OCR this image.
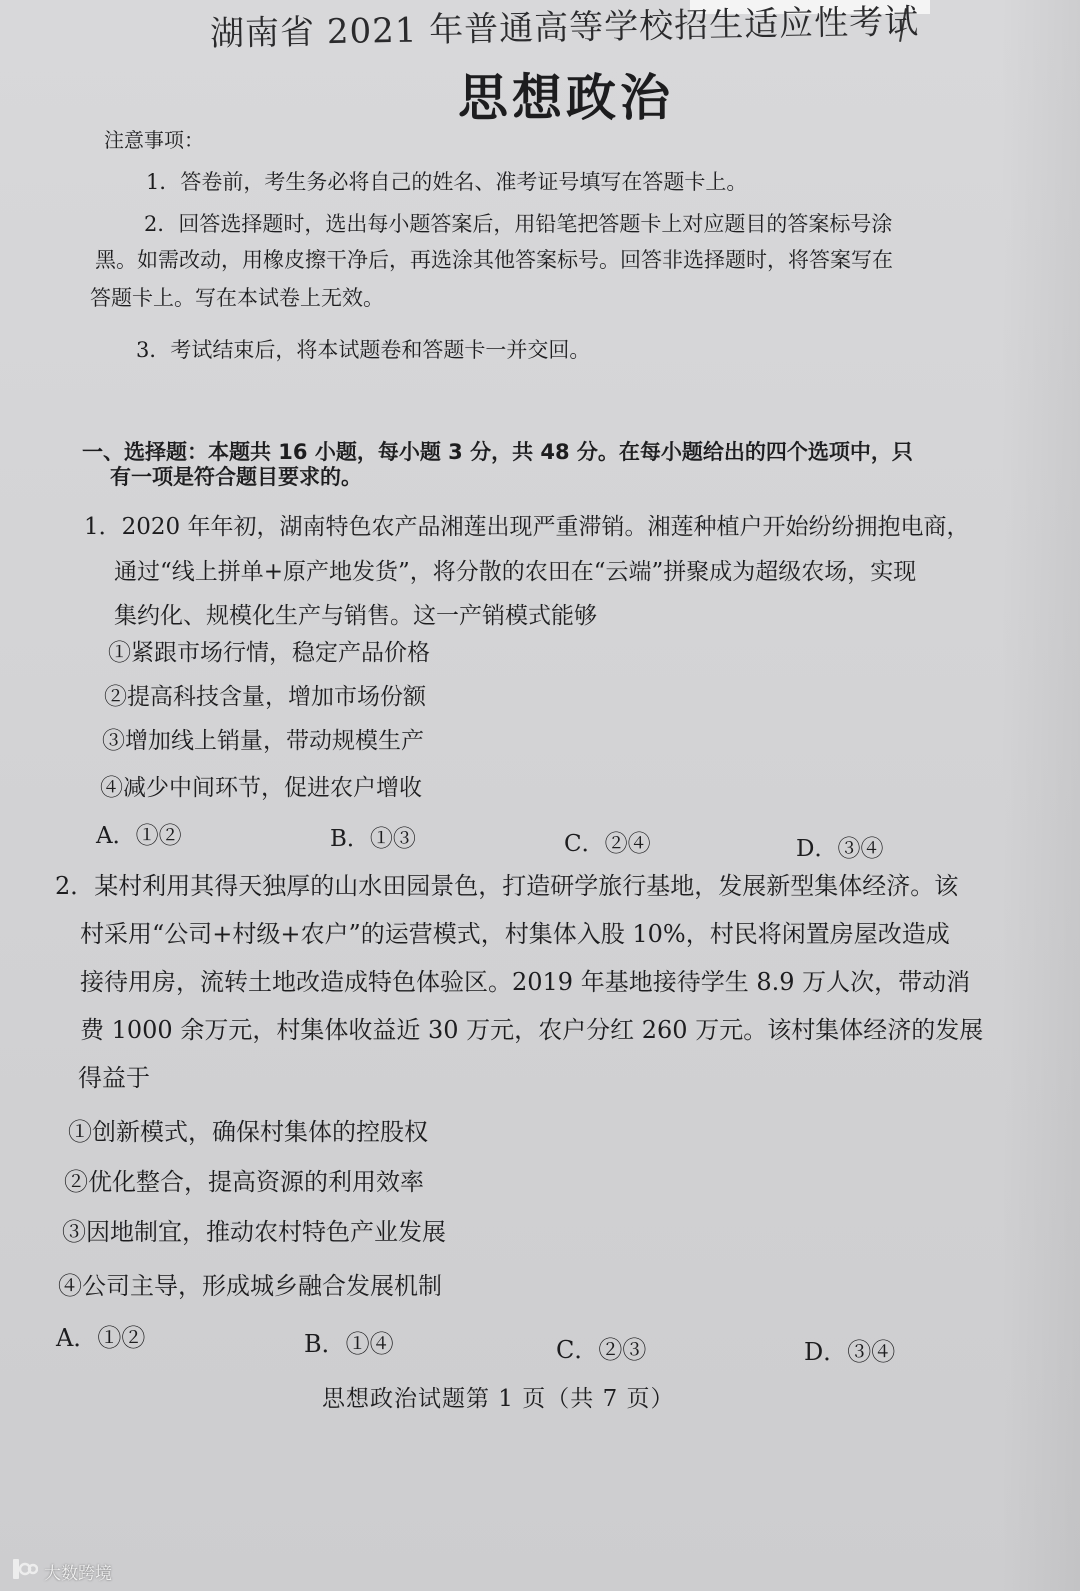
湖南省 2021 年普通高等学校招生适应性考试
思想政治
注意事项：
1．答卷前，考生务必将自己的姓名、准考证号填写在答题卡上。
2．回答选择题时，选出每小题答案后，用铅笔把答题卡上对应题目的答案标号涂
黑。如需改动，用橡皮擦干净后，再选涂其他答案标号。回答非选择题时，将答案写在
答题卡上。写在本试卷上无效。
3．考试结束后，将本试题卷和答题卡一并交回。
一、选择题：本题共 16 小题，每小题 3 分，共 48 分。在每小题给出的四个选项中，只
有一项是符合题目要求的。
1．2020 年年初，湖南特色农产品湘莲出现严重滞销。湘莲种植户开始纷纷拥抱电商，
通过“线上拼单+原产地发货”，将分散的农田在“云端”拼聚成为超级农场，实现
集约化、规模化生产与销售。这一产销模式能够
①紧跟市场行情，稳定产品价格
②提高科技含量，增加市场份额
③增加线上销量，带动规模生产
④减少中间环节，促进农户增收
A．①②	B．①③	C．②④	D．③④
2．某村利用其得天独厚的山水田园景色，打造研学旅行基地，发展新型集体经济。该
村采用“公司+村级+农户”的运营模式，村集体入股 10%，村民将闲置房屋改造成
接待用房，流转土地改造成特色体验区。2019 年基地接待学生 8.9 万人次，带动消
费 1000 余万元，村集体收益近 30 万元，农户分红 260 万元。该村集体经济的发展
得益于
①创新模式，确保村集体的控股权
②优化整合，提高资源的利用效率
③因地制宜，推动农村特色产业发展
④公司主导，形成城乡融合发展机制
A．①②	B．①④	C．②③	D．③④
思想政治试题第 1 页（共 7 页）
大数跨境
